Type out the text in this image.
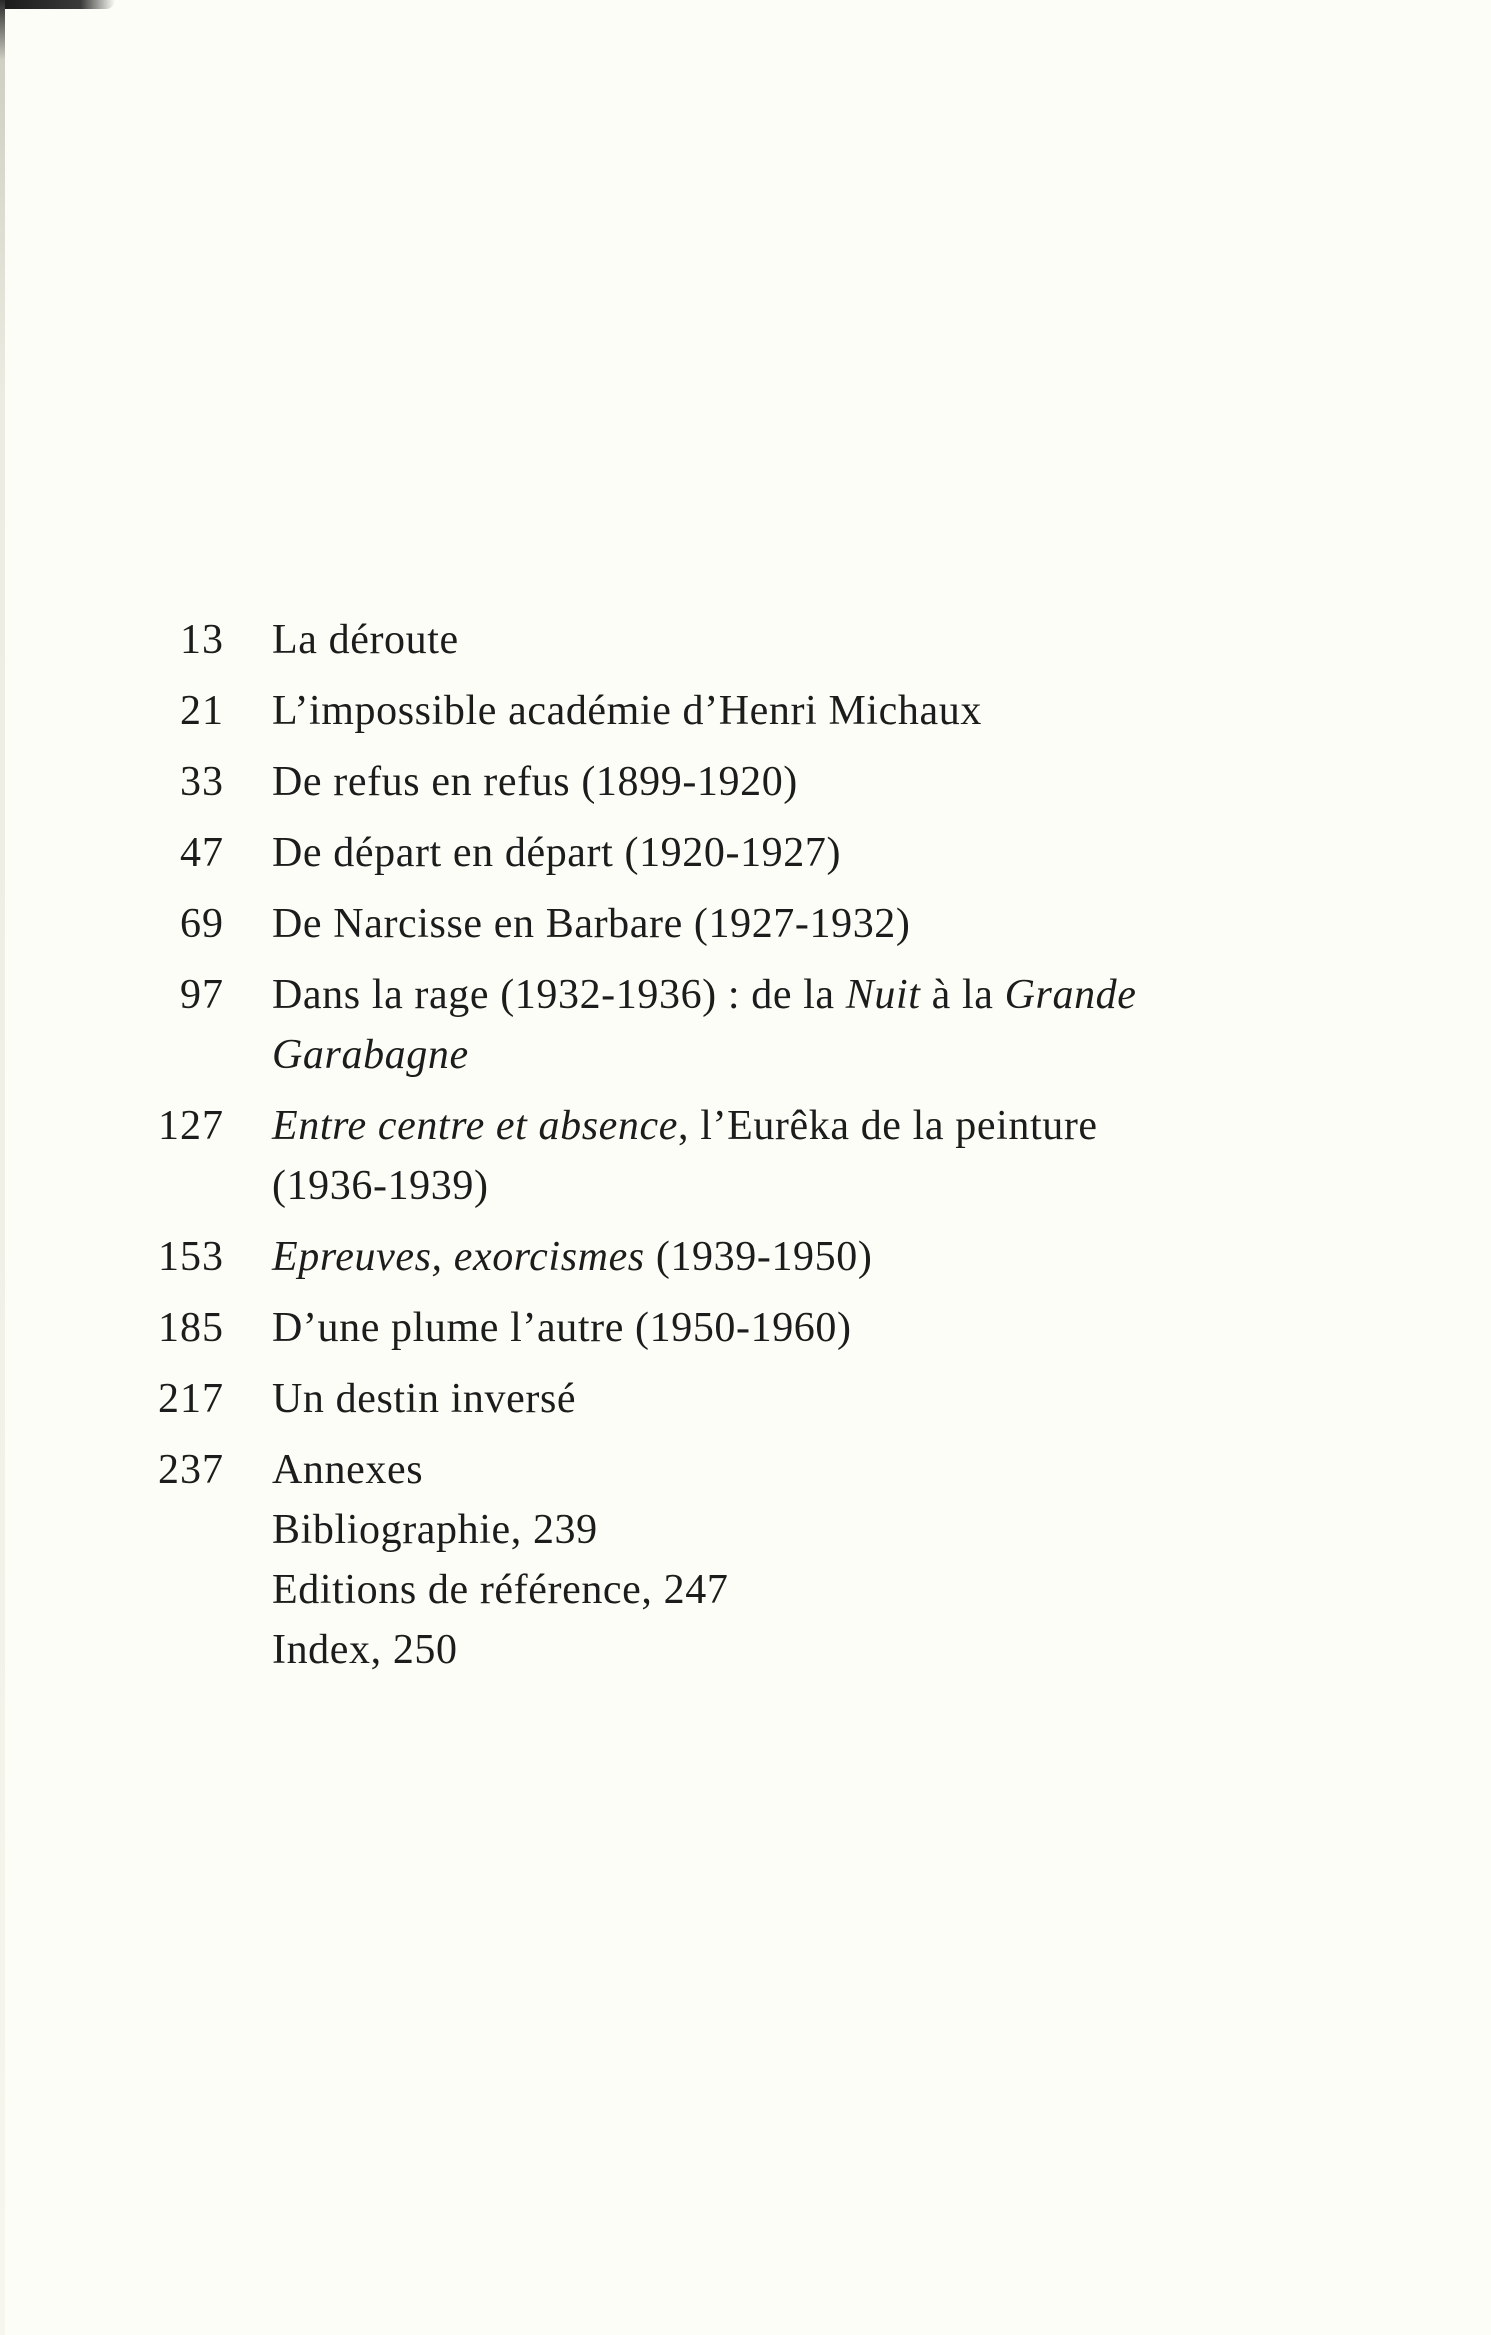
13 La déroute
21 L’impossible académie d’Henri Michaux
33 De refus en refus (1899-1920)
47 De départ en départ (1920-1927)
69 De Narcisse en Barbare (1927-1932)
97 Dans la rage (1932-1936) : de la Nuit à la Grande
Garabagne
127 Entre centre et absence, l’Eurêka de la peinture
(1936-1939)
153 Epreuves, exorcismes (1939-1950)
185 D’une plume l’autre (1950-1960)
217 Un destin inversé
237 Annexes
Bibliographie, 239
Editions de référence, 247
Index, 250
